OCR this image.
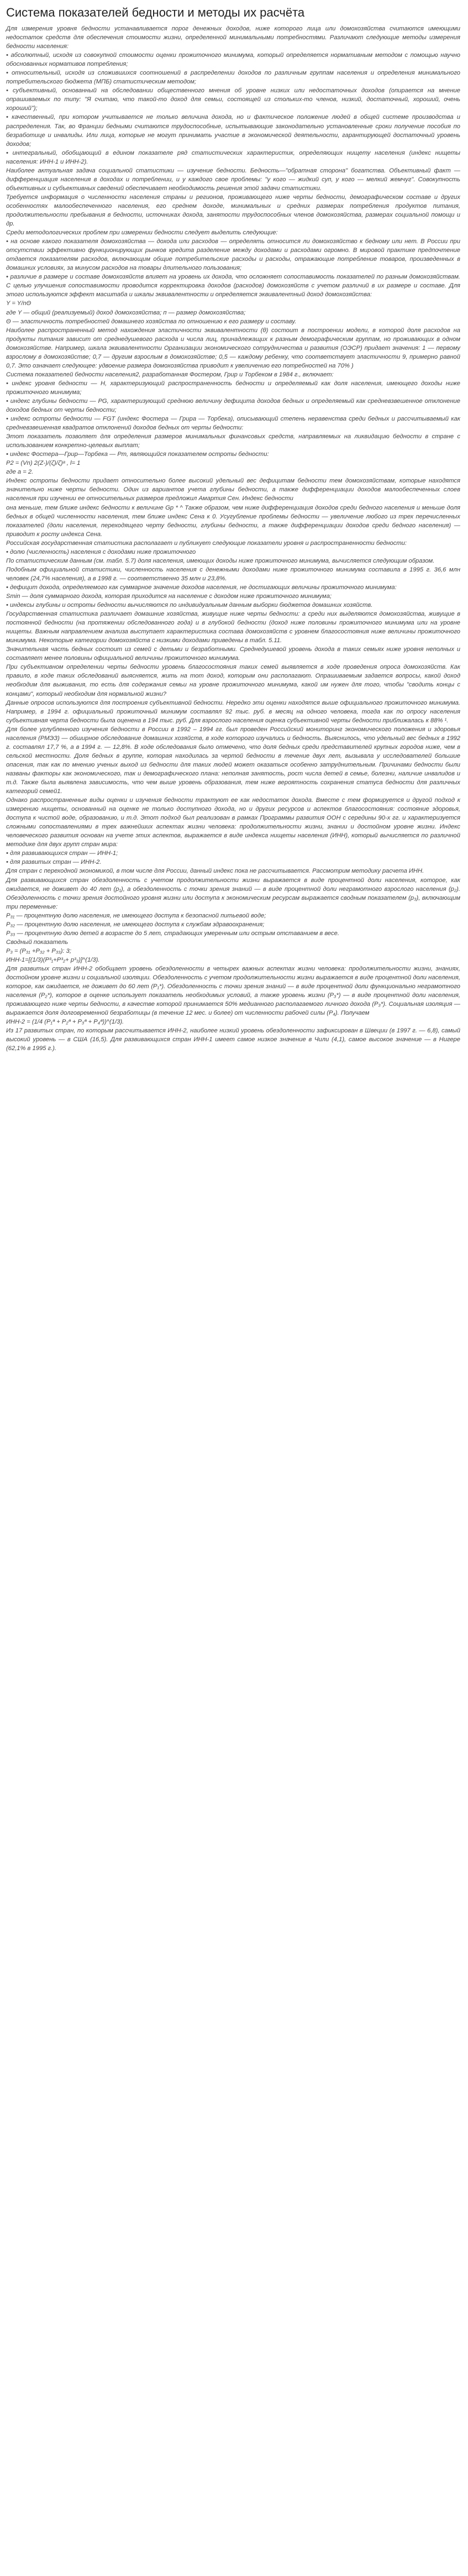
Система показателей бедности и методы их расчёта

Для измерения уровня бедности устанавливается порог денежных доходов, ниже которого лица или домохозяйства считаются имеющими недостаток средств для обеспечения стоимости жизни, определенной минимальными потребностями. Различают следующие методы измерения бедности населения:

• абсолютный, исходя из совокупной стоимости оценки прожиточного минимума, который определяется нормативным методом с помощью научно обоснованных нормативов потребления;

• относительный, исходя из сложившихся соотношений в распределении доходов по различным группам населения и определения минимального потребительского бюджета (МПБ) статистическим методом;

• субъективный, основанный на обследовании общественного мнения об уровне низких или недостаточных доходов (опирается на мнение опрашиваемых по типу: "Я считаю, что такой-то доход для семьи, состоящей из стольких-то членов, низкий, достаточный, хороший, очень хороший");

• качественный, при котором учитывается не только величина дохода, но и фактическое положение людей в общей системе производства и распределения. Так, во Франции бедными считаются трудоспособные, испытывающие законодательно установленные сроки получение пособия по безработице и инвалиды. Или лица, которые не могут принимать участие в экономической деятельности, гарантирующей достаточный уровень доходов;

• интегральный, обобщающий в едином показателе ряд статистических характеристик, определяющих нищету населения (индекс нищеты населения: ИНН-1 и ИНН-2).

Наиболее актуальная задача социальной статистики — изучение бедности. Бедность—"обратная сторона" богатства. Объективный факт — дифференциация населения в доходах и потреблении, и у каждого свое проблемы: "у кого — жидкий суп, у кого — мелкий жемчуг". Совокупность объективных и субъективных сведений обеспечивает необходимость решения этой задачи статистики.

Требуется информация о численности населения страны и регионов, проживающего ниже черты бедности, демографическом составе и других особенностях малообеспеченного населения, его среднем доходе, минимальных и средних размерах потребления продуктов питания, продолжительности пребывания в бедности, источниках дохода, занятости трудоспособных членов домохозяйства, размерах социальной помощи и др.

Среди методологических проблем при измерении бедности следует выделить следующие:

• на основе какого показателя домохозяйства — дохода или расходов — определять относится ли домохозяйство к бедному или нет. В России при отсутствии эффективно функционирующих рынков кредита разделение между доходами и расходами огромно. В мировой практике предпочтение отдается показателям расходов, включающим общие потребительские расходы и расходы, отражающие потребление товаров, произведенных в домашних условиях, за минусом расходов на товары длительного пользования;

• различие в размере и составе домохозяйств влияет на уровень их дохода, что осложняет сопоставимость показателей по разным домохозяйствам. С целью улучшения сопоставимости проводится корректировка доходов (расходов) домохозяйств с учетом различий в их размере и составе. Для этого используются эффект масштаба и шкалы эквивалентности и определяется эквивалентный доход домохозяйства:

Y = Y/nΘ

где Y — общий (реализуемый) доход домохозяйства; п — размер домохозяйства;

Θ — эластичность потребностей домашнего хозяйства по отношению к его размеру и составу.

Наиболее распространенный метод нахождения эластичности эквивалентности (θ) состоит в построении модели, в которой доля расходов на продукты питания зависит от среднедушевого расхода и числа лиц, принадлежащих к разным демографическим группам, но проживающих в одном домохозяйстве. Например, шкала эквивалентности Организации экономического сотрудничества и развития (ОЭСР) придает значения: 1 — первому взрослому в домохозяйстве; 0,7 — другим взрослым в домохозяйстве; 0,5 — каждому ребенку, что соответствует эластичности 9, примерно равной 0,7. Это означает следующее: удвоение размера домохозяйства приводит к увеличению его потребностей на 70% )

Система показателей бедности населения2, разработанная Фостером, Грир и Торбеком в 1984 г., включает:

• индекс уровня бедности — Н, характеризующий распространенность бедности и определяемый как доля населения, имеющего доходы ниже прожиточного минимума;

• индекс глубины бедности — PG, характеризующий среднюю величину дефицита доходов бедных и определяемый как средневзвешенное отклонение доходов бедных от черты бедности;

• индекс остроты бедности — FGT (индекс Фостера — Грира — Торбека), описывающий степень неравенства среди бедных и рассчитываемый как средневзвешенная квадратов отклонений доходов бедных от черты бедности:

Этот показатель позволяет для определения размеров минимальных финансовых средств, направляемых на ликвидацию бедности в стране с использованием конкретно-целевых выплат;

• индекс Фостера—Грир—Торбека — Рт, являющийся показателем остроты бедности:

Р2 = (Vn) 2(Ζ-)/(ζ)/ζ)ᵃ , l= 1

где а = 2.

Индекс остроты бедности придает относительно более высокий удельный вес дефицитам бедности тем домохозяйствам, которые находятся значительно ниже черты бедности. Один из вариантов учета глубины бедности, а также дифференциации доходов малообеспеченных слоев населения при изучении ее относительных размеров предложил Амартия Сен. Индекс бедности

она меньше, тем ближе индекс бедности к величине Gp * ^ Также образом, чем ниже дифференциация доходов среди бедного населения и меньше доля бедных в общей численности населения, тем ближе индекс Сена к 0. Усугубление проблемы бедности — увеличение любого из трех перечисленных показателей (доли населения, переходящего черту бедности, глубины бедности, а также дифференциации доходов среди бедного населения) — приводит к росту индекса Сена.

Российская государственная статистика располагает и публикует следующие показатели уровня и распространенности бедности:

• долю (численность) населения с доходами ниже прожиточного

По статистическим данным (см. табл. 5.7) доля населения, имеющих доходы ниже прожиточного минимума, вычисляется следующим образом.

Подобным официальной статистики, численность населения с денежными доходами ниже прожиточного минимума составила в 1995 г. 36,6 млн человек (24,7% населения), а в 1998 г. — соответственно 35 млн и 23,8%.

• дефицит дохода, определяемого как суммарное значение доходов населения, не достигающих величины прожиточного минимума:

Smin — доля суммарного дохода, которая приходится на население с доходом ниже прожиточного минимума;

• индексы глубины и остроты бедности вычисляются по индивидуальным данным выборки бюджетов домашних хозяйств.

Государственная статистика различает домашние хозяйства, живущие ниже черты бедности: а среди них выделяются домохозяйства, живущие в постоянной бедности (на протяжении обследованного года) и в глубокой бедности (доход ниже половины прожиточного минимума или на уровне нищеты. Важным направлением анализа выступает характеристика состава домохозяйств с уровнем благосостояния ниже величины прожиточного минимума. Некоторые категории домохозяйств с низкими доходами приведены в табл. 5.11.

Значительная часть бедных состоит из семей с детьми и безработными. Среднедушевой уровень дохода в таких семьях ниже уровня неполных и составляет менее половины официальной величины прожиточного минимума.

При субъективном определении черты бедности уровень благосостояния таких семей выявляется в ходе проведения опроса домохозяйств. Как правило, в ходе таких обследований выясняется, жить на тот доход, которым они располагают. Опрашиваемым задается вопросы, какой доход необходим для выживания, то есть для содержания семьи на уровне прожиточного минимума, какой им нужен для того, чтобы "сводить концы с концами", который необходим для нормальной жизни?

Данные опросов используются для построения субъективной бедности. Нередко эти оценки находятся выше официального прожиточного минимума. Например, в 1994 г. официальный прожиточный минимум составлял 92 тыс. руб. в месяц на одного человека, тогда как по опросу населения субъективная черта бедности была оценена в 194 тыс. руб. Для взрослого населения оценка субъективной черты бедности приближалась к 88% ¹.

Для более углубленного изучения бедности в России в 1992 – 1994 гг. был проведен Российский мониторинг экономического положения и здоровья населения (РМЭЗ) — обширное обследование домашних хозяйств, в ходе которого изучались и бедность. Выяснилось, что удельный вес бедных в 1992 г. составлял 17,7 %, а в 1994 г. — 12,8%. В ходе обследования было отмечено, что доля бедных среди представителей крупных городов ниже, чем в сельской местности. Доля бедных в группе, которая находилась за чертой бедности в течение двух лет, вызывала у исследователей большие опасения, так как по мнению ученых выход из бедности для таких людей может оказаться особенно затруднительным. Причинами бедности были названы факторы как экономического, так и демографического плана: неполная занятость, рост числа детей в семье, болезни, наличие инвалидов и т.д. Также была выявлена зависимость, что чем выше уровень образования, тем ниже вероятность сохранения статуса бедности для различных категорий семей1.

Однако распространенные виды оценки и изучения бедности трактуют ее как недостаток дохода. Вместе с тем формируется и другой подход к измерению нищеты, основанный на оценке не только доступного дохода, но и других ресурсов и аспектов благосостояния: состояние здоровья, доступа к чистой воде, образованию, и т.д. Этот подход был реализован в рамках Программы развития ООН с середины 90-х гг. и характеризуется сложными сопоставлениями в трех важнейших аспектах жизни человека: продолжительности жизни, знании и достойном уровне жизни. Индекс человеческого развития основан на учете этих аспектов, выражается в виде индекса нищеты населения (ИНН), который вычисляется по различной методике для двух групп стран мира:

• для развивающихся стран — ИНН-1;

• для развитых стран — ИНН-2.

Для стран с переходной экономикой, в том числе для России, данный индекс пока не рассчитывается. Рассмотрим методику расчета ИНН.

Для развивающихся стран обездоленность с учетом продолжительности жизни выражается в виде процентной доли населения, которое, как ожидается, не доживет до 40 лет (p₁), а обездоленность с точки зрения знаний — в виде процентной доли неграмотного взрослого населения (p₂). Обездоленность с точки зрения достойного уровня жизни или доступа к экономическим ресурсам выражается сводным показателем (p₃), включающим три переменные:

P₃₁ — процентную долю населения, не имеющего доступа к безопасной питьевой воде;

P₃₂ — процентную долю населения, не имеющего доступа к службам здравоохранения;

P₃₃ — процентную долю детей в возрасте до 5 лет, страдающих умеренным или острым отставанием в весе.

Сводный показатель

P₃ = (P₃₁ +P₃₂ + P₃₃): 3;

ИНН-1=[(1/3)(P³₁+P³₂+ p³₃)]^(1/3).

Для развитых стран ИНН-2 обобщает уровень обездоленности в четырех важных аспектах жизни человека: продолжительности жизни, знаниях, достойном уровне жизни и социальной изоляции. Обездоленность с учетом продолжительности жизни выражается в виде процентной доли населения, которое, как ожидается, не доживет до 60 лет (P₁*). Обездоленность с точки зрения знаний — в виде процентной доли функционально неграмотного населения (P₂*), которое в оценке использует показатель необходимых условий, а также уровень жизни (P₃*) — в виде процентной доли населения, проживающего ниже черты бедности, в качестве которой принимается 50% медианного располагаемого личного дохода (P₃*). Социальная изоляция — выражается доля долговременной безработицы (в течение 12 мес. и более) от численности рабочей силы (P₄). Получаем

ИНН-2 = (1/4 (P₁ª + P₂ª + P₃ª + P₄ª))^(1/3).

Из 17 развитых стран, по которым рассчитывается ИНН-2, наиболее низкий уровень обездоленности зафиксирован в Швеции (в 1997 г. — 6,8), самый высокий уровень — в США (16,5). Для развивающихся стран ИНН-1 имеет самое низкое значение в Чили (4,1), самое высокое значение — в Нигере (62,1% в 1995 г.).
